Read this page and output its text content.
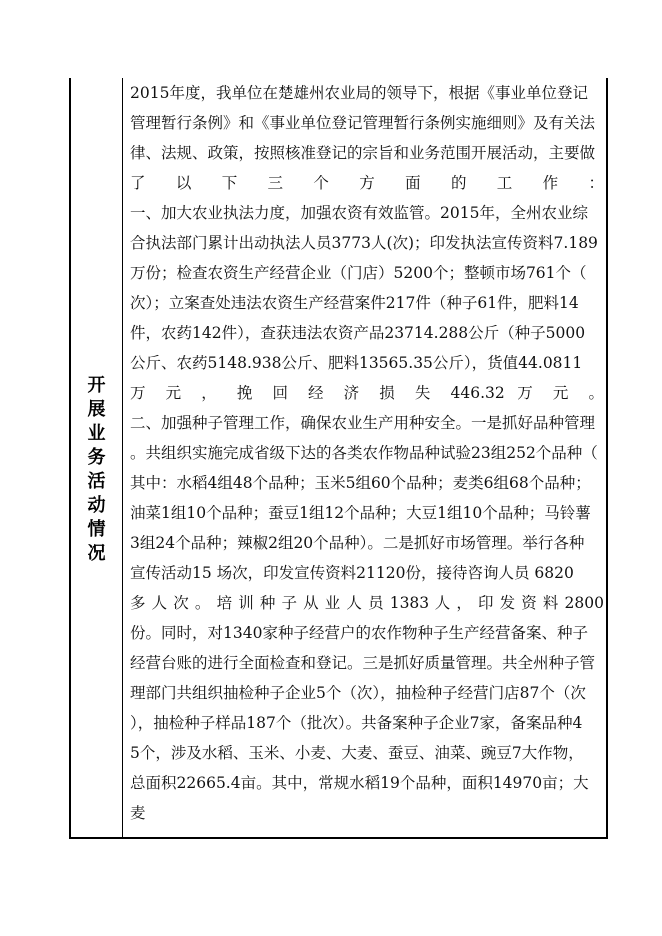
开展业务活动情况
2015年度，我单位在楚雄州农业局的领导下，根据《事业单位登记
管理暂行条例》和《事业单位登记管理暂行条例实施细则》及有关法
律、法规、政策，按照核准登记的宗旨和业务范围开展活动，主要做
了 以 下 三 个 方 面 的 工 作 ：
一、加大农业执法力度，加强农资有效监管。2015年，全州农业综
合执法部门累计出动执法人员3773人(次)；印发执法宣传资料7.189
万份；检查农资生产经营企业（门店）5200个；整顿市场761个（
次）；立案查处违法农资生产经营案件217件（种子61件，肥料14
件，农药142件），查获违法农资产品23714.288公斤（种子5000
公斤、农药5148.938公斤、肥料13565.35公斤），货值44.0811
万 元 ， 挽 回 经 济 损 失 446.32 万 元 。
二、加强种子管理工作，确保农业生产用种安全。一是抓好品种管理
。共组织实施完成省级下达的各类农作物品种试验23组252个品种（
其中：水稻4组48个品种；玉米5组60个品种；麦类6组68个品种；
油菜1组10个品种；蚕豆1组12个品种；大豆1组10个品种；马铃薯
3组24个品种；辣椒2组20个品种）。二是抓好市场管理。举行各种
宣传活动15 场次，印发宣传资料21120份，接待咨询人员 6820
多 人 次 。 培 训 种 子 从 业 人 员 1383 人 ， 印 发 资 料 2800
份。同时，对1340家种子经营户的农作物种子生产经营备案、种子
经营台账的进行全面检查和登记。三是抓好质量管理。共全州种子管
理部门共组织抽检种子企业5个（次），抽检种子经营门店87个（次
），抽检种子样品187个（批次）。共备案种子企业7家，备案品种4
5个，涉及水稻、玉米、小麦、大麦、蚕豆、油菜、豌豆7大作物，
总面积22665.4亩。其中，常规水稻19个品种，面积14970亩；大
麦
